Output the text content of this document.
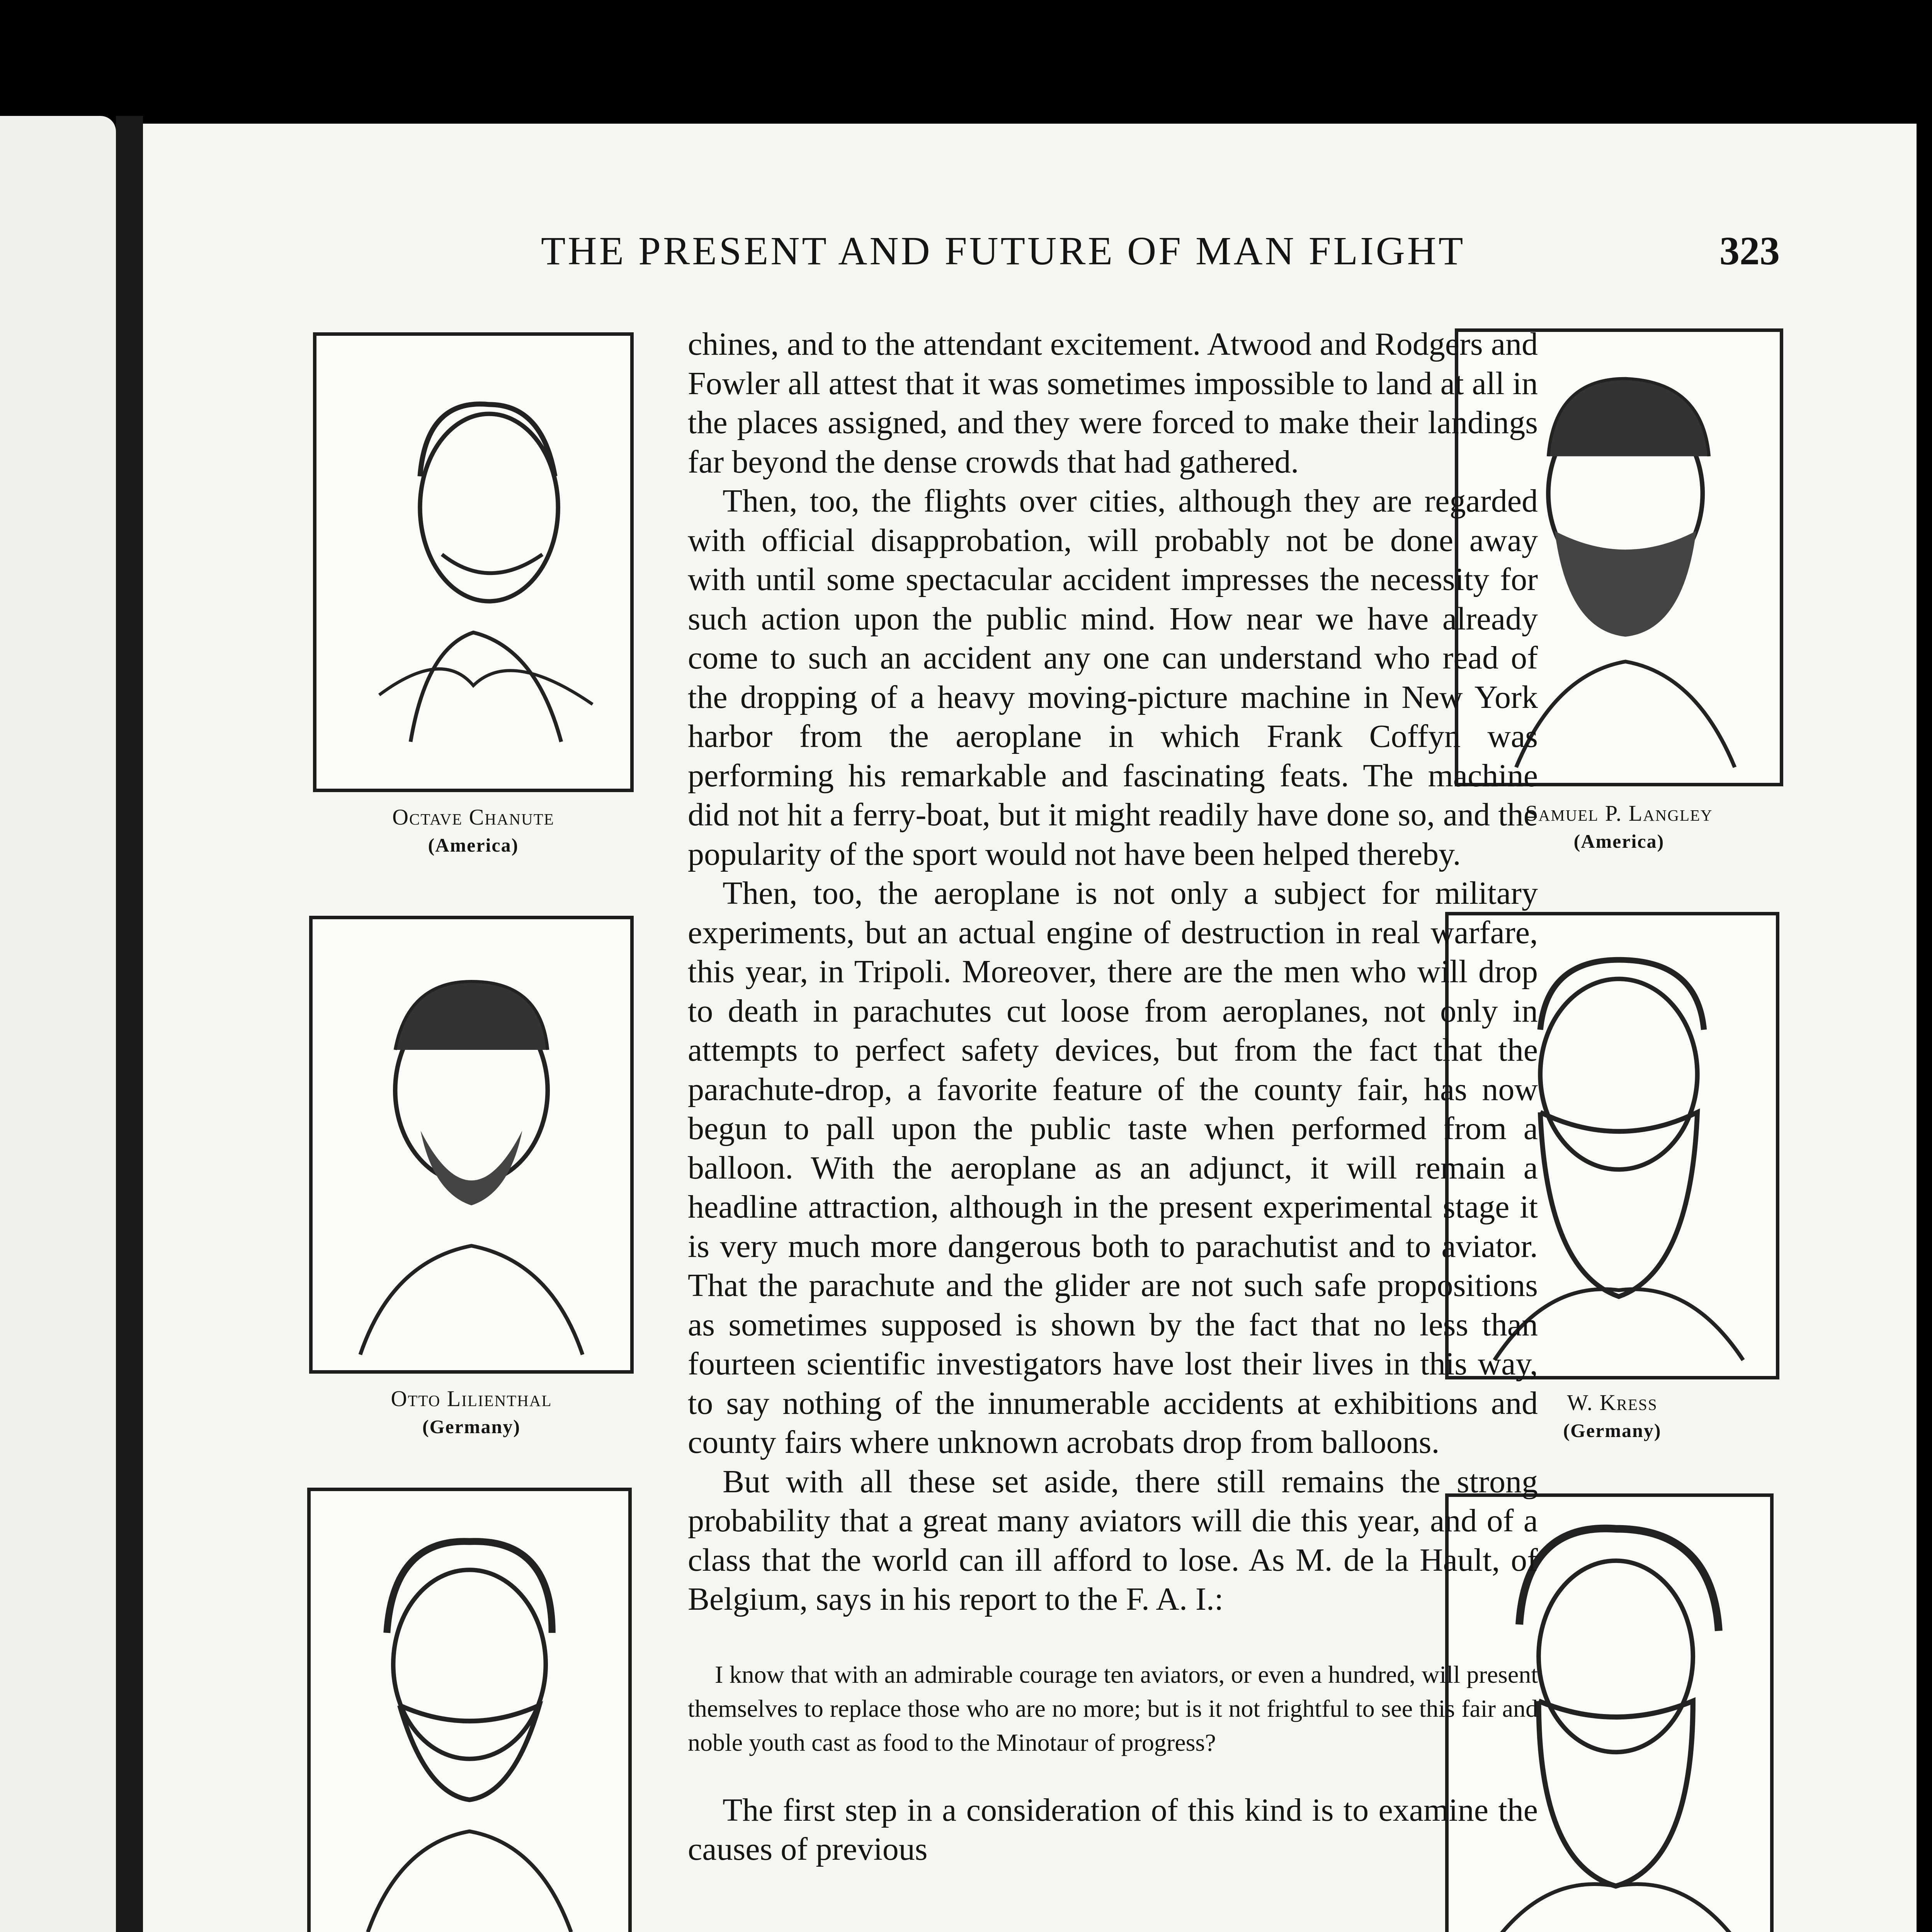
THE PRESENT AND FUTURE OF MAN FLIGHT	323
Octave Chanute
(America)
Otto Lilienthal
(Germany)
Samuel P. Langley
(America)
W. Kress
(Germany)

chines, and to the attendant excitement. Atwood and Rodgers and Fowler all attest that it was sometimes impossible to land at all in the places assigned, and they were forced to make their landings far beyond the dense crowds that had gathered.

Then, too, the flights over cities, although they are regarded with official disapprobation, will probably not be done away with until some spectacular accident impresses the necessity for such action upon the public mind. How near we have already come to such an accident any one can understand who read of the dropping of a heavy moving-picture machine in New York harbor from the aeroplane in which Frank Coffyn was performing his remarkable and fascinating feats. The machine did not hit a ferry-boat, but it might readily have done so, and the popularity of the sport would not have been helped thereby.

Then, too, the aeroplane is not only a subject for military experiments, but an actual engine of destruction in real warfare, this year, in Tripoli. Moreover, there are the men who will drop to death in parachutes cut loose from aeroplanes, not only in attempts to perfect safety devices, but from the fact that the parachute-drop, a favorite feature of the county fair, has now begun to pall upon the public taste when performed from a balloon. With the aeroplane as an adjunct, it will remain a headline attraction, although in the present experimental stage it is very much more dangerous both to parachutist and to aviator. That the parachute and the glider are not such safe propositions as sometimes supposed is shown by the fact that no less than fourteen scientific investigators have lost their lives in this way, to say nothing of the innumerable accidents at exhibitions and county fairs where unknown acrobats drop from balloons.

But with all these set aside, there still remains the strong probability that a great many aviators will die this year, and of a class that the world can ill afford to lose. As M. de la Hault, of Belgium, says in his report to the F. A. I.:

I know that with an admirable courage ten aviators, or even a hundred, will present themselves to replace those who are no more; but is it not frightful to see this fair and noble youth cast as food to the Minotaur of progress?

The first step in a consideration of this kind is to examine the causes of previous
